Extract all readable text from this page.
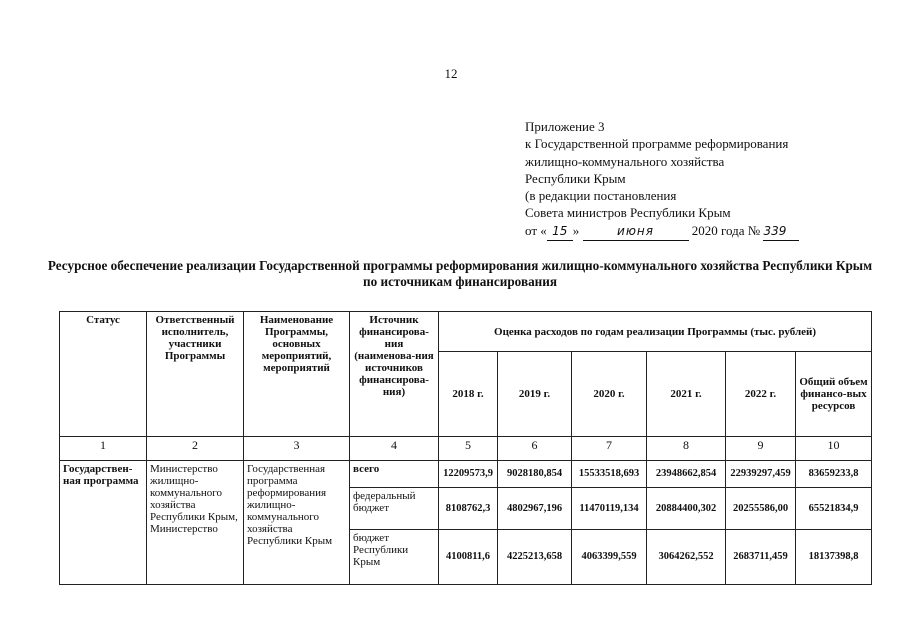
12
Приложение 3
к Государственной программе реформирования
жилищно-коммунального хозяйства
Республики Крым
(в редакции постановления
Совета министров Республики Крым
от « 15 »	июня	2020 года № 339
Ресурсное обеспечение реализации Государственной программы реформирования жилищно-коммунального хозяйства Республики Крым по источникам финансирования
Статус	Ответственный исполнитель, участники Программы	Наименование Программы, основных мероприятий, мероприятий	Источник финансирова-ния (наименова-ния источников финансирова-ния)	Оценка расходов по годам реализации Программы (тыс. рублей)					
				2018 г.	2019 г.	2020 г.	2021 г.	2022 г.	Общий объем финансо-вых ресурсов
1	2	3	4	5	6	7	8	9	10
Государствен-ная программа	Министерство жилищно-коммунального хозяйства Республики Крым, Министерство	Государственная программа реформирования жилищно-коммунального хозяйства Республики Крым	всего	12209573,9	9028180,854	15533518,693	23948662,854	22939297,459	83659233,8
			федеральный бюджет	8108762,3	4802967,196	11470119,134	20884400,302	20255586,00	65521834,9
			бюджет Республики Крым	4100811,6	4225213,658	4063399,559	3064262,552	2683711,459	18137398,8
